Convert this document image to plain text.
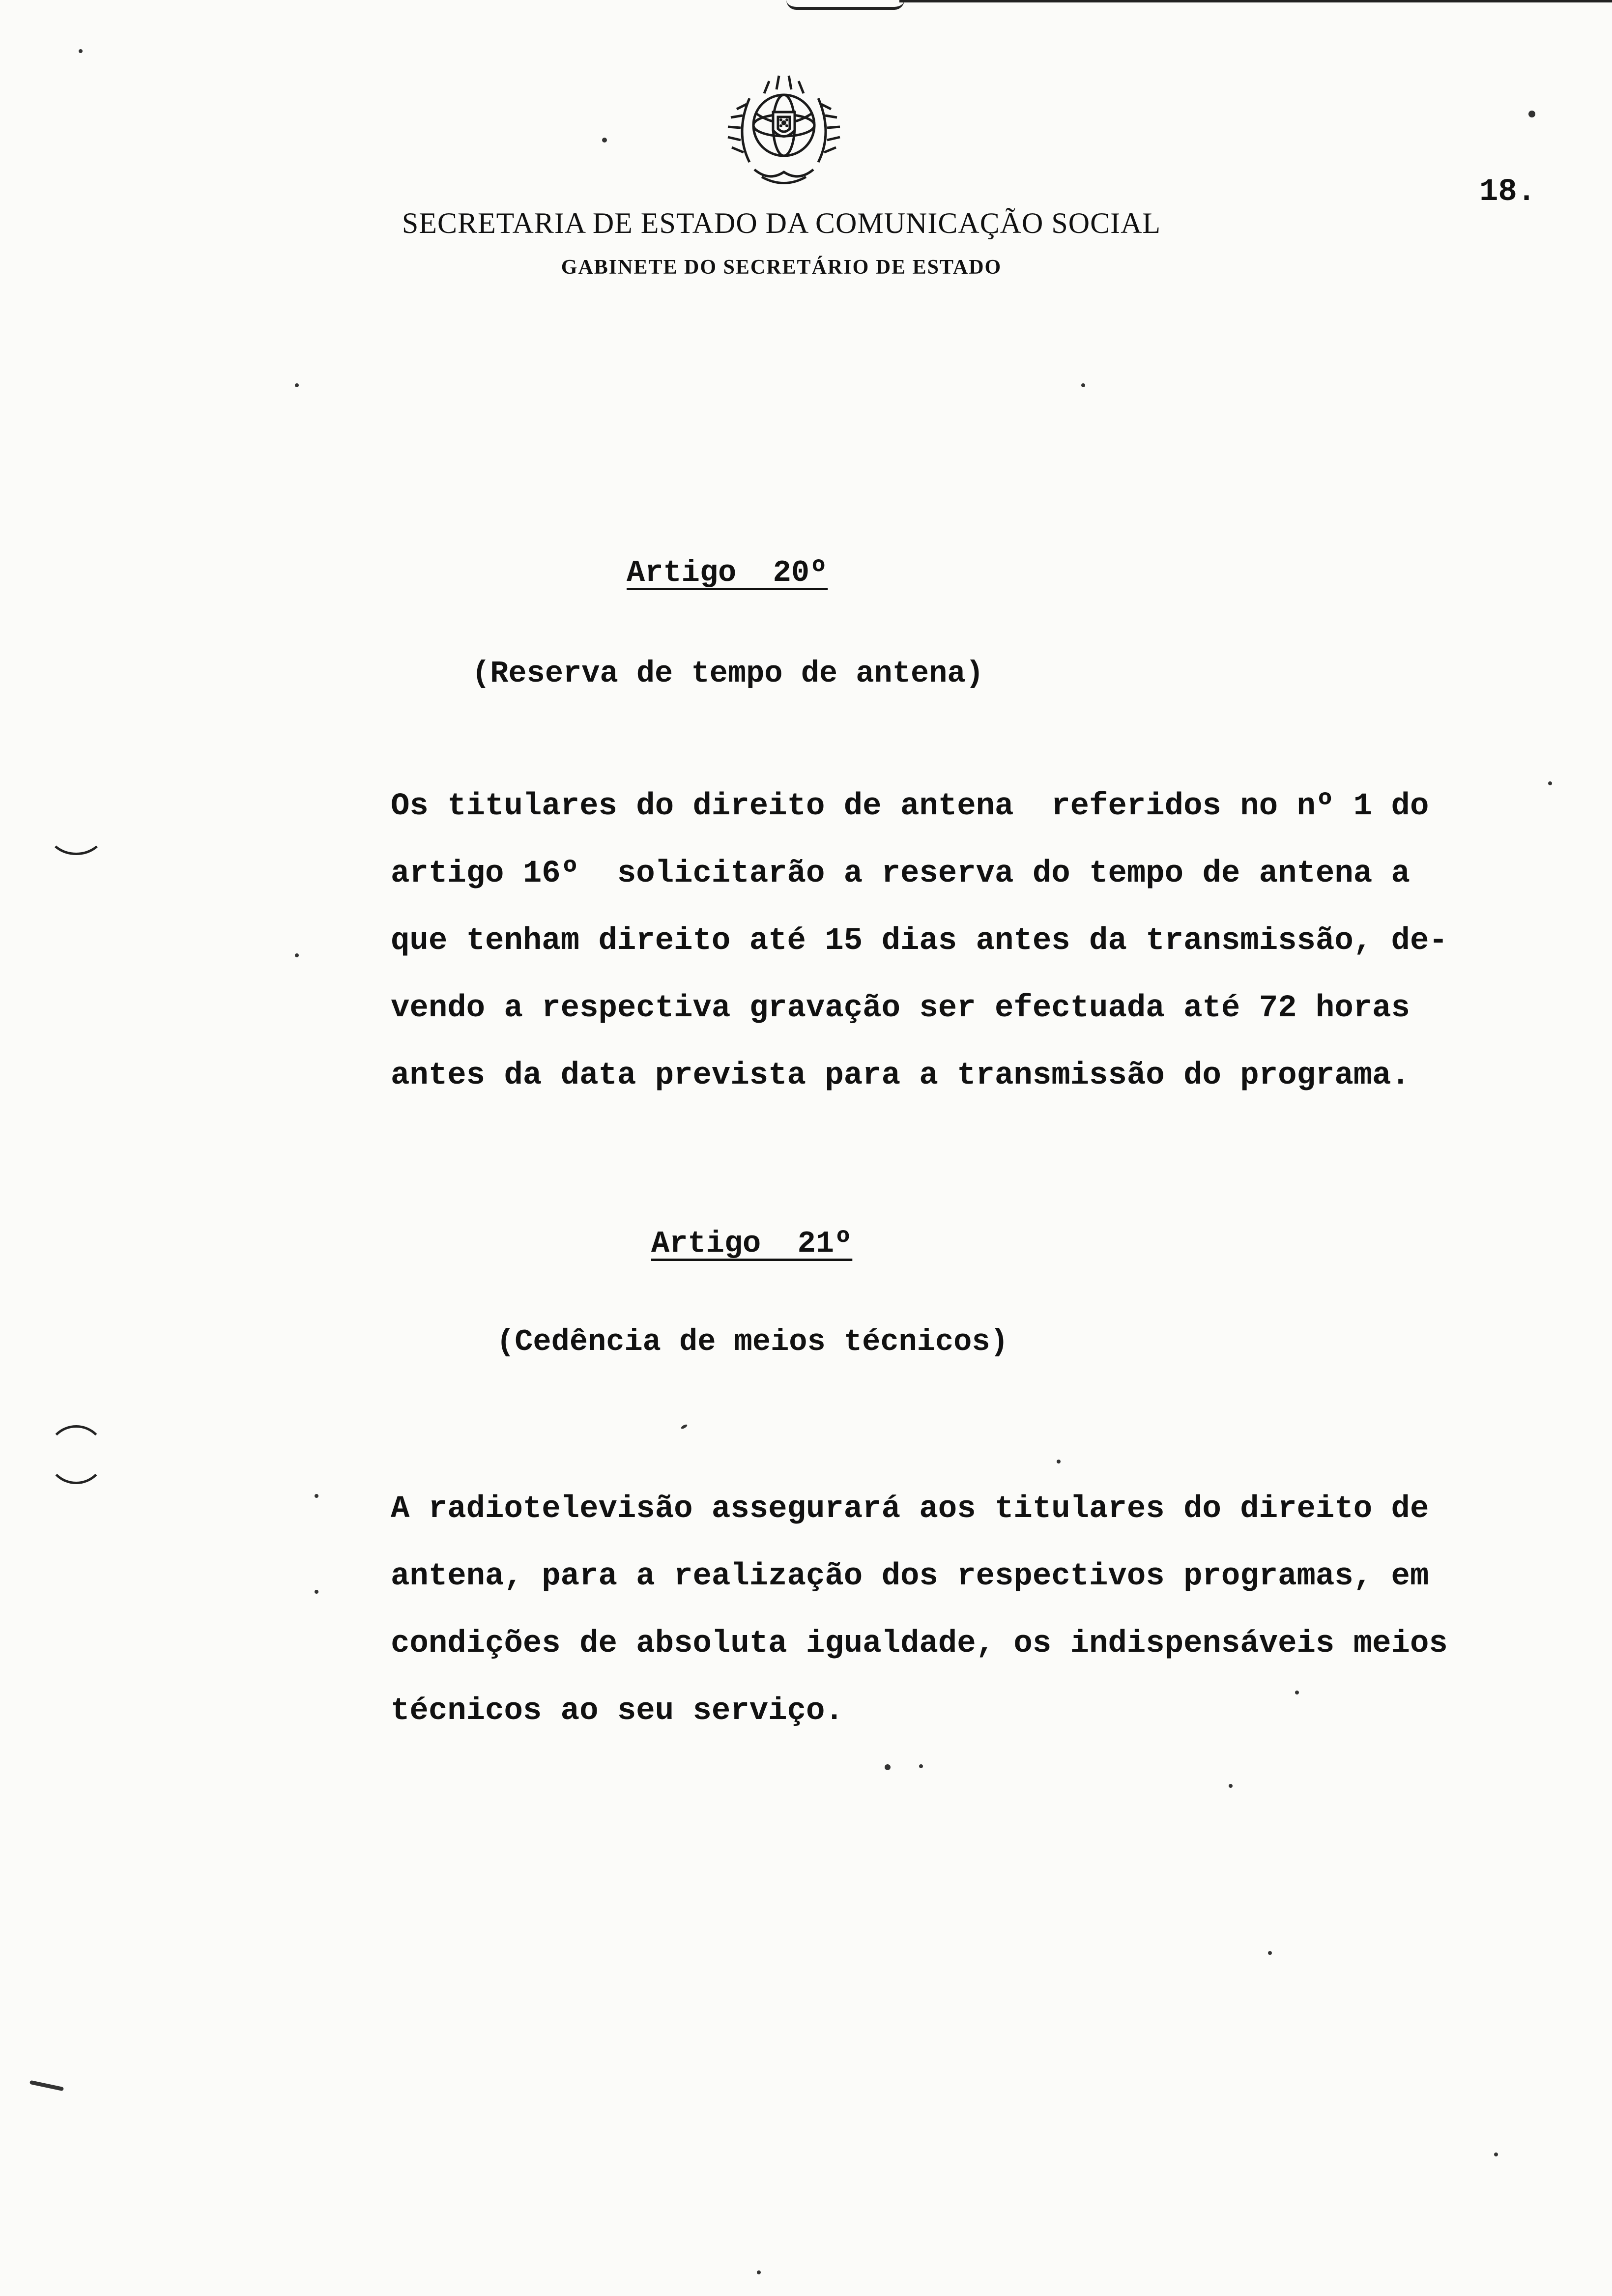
SECRETARIA DE ESTADO DA COMUNICAÇÃO SOCIAL
GABINETE DO SECRETÁRIO DE ESTADO
18.
Artigo  20º
(Reserva de tempo de antena)
Os titulares do direito de antena  referidos no nº 1 do
artigo 16º  solicitarão a reserva do tempo de antena a
que tenham direito até 15 dias antes da transmissão, de-
vendo a respectiva gravação ser efectuada até 72 horas
antes da data prevista para a transmissão do programa.
Artigo  21º
(Cedência de meios técnicos)
A radiotelevisão assegurará aos titulares do direito de
antena, para a realização dos respectivos programas, em
condições de absoluta igualdade, os indispensáveis meios
técnicos ao seu serviço.
